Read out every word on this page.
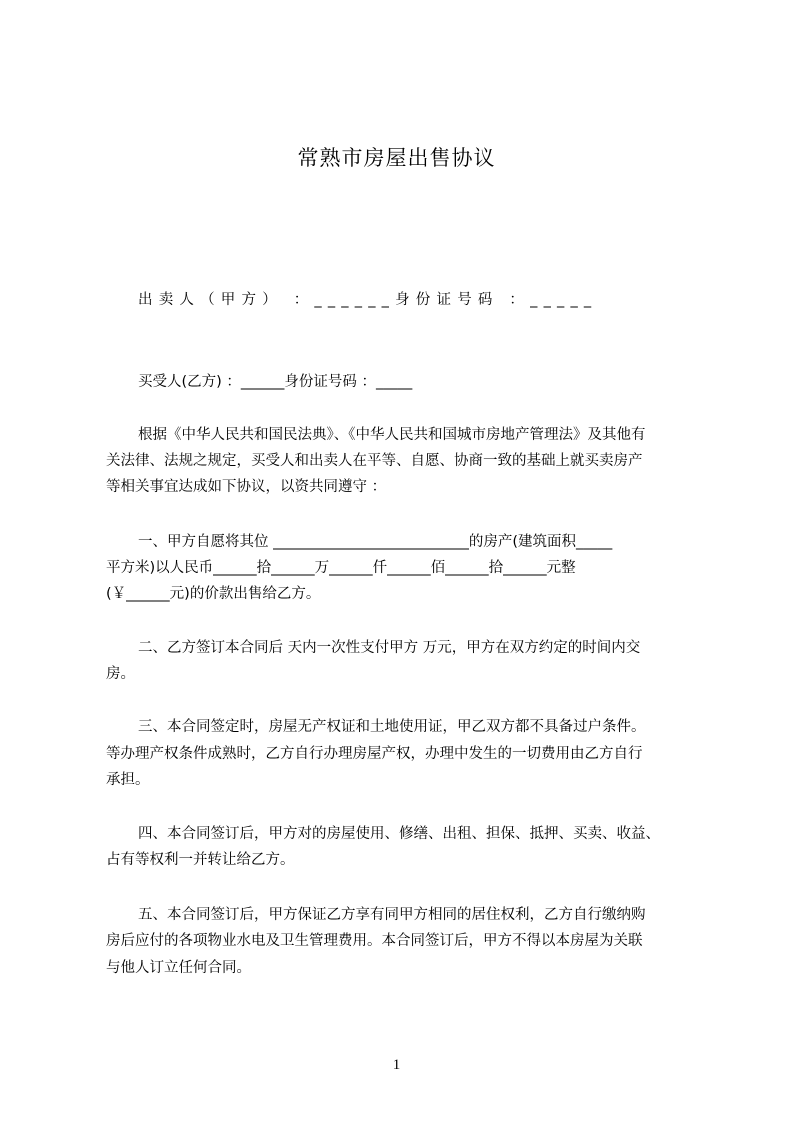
常熟市房屋出售协议
出卖人（甲方） ：______身份证号码 ：_____
买受人(乙方) ：______身份证号码 ：_____
根据《中华人民共和国民法典》、《中华人民共和国城市房地产管理法》及其他有
关法律、法规之规定，买受人和出卖人在平等、自愿、协商一致的基础上就买卖房产
等相关事宜达成如下协议，以资共同遵守 ：
一、甲方自愿将其位 ___________________________的房产(建筑面积_____
平方米)以人民币______拾______万______仟______佰______拾______元整
(￥______元)的价款出售给乙方。
二、乙方签订本合同后 天内一次性支付甲方 万元，甲方在双方约定的时间内交
房。
三、本合同签定时，房屋无产权证和土地使用证，甲乙双方都不具备过户条件。
等办理产权条件成熟时，乙方自行办理房屋产权，办理中发生的一切费用由乙方自行
承担。
四、本合同签订后，甲方对的房屋使用、修缮、出租、担保、抵押、买卖、收益、
占有等权利一并转让给乙方。
五、本合同签订后，甲方保证乙方享有同甲方相同的居住权利，乙方自行缴纳购
房后应付的各项物业水电及卫生管理费用。本合同签订后，甲方不得以本房屋为关联
与他人订立任何合同。
1
